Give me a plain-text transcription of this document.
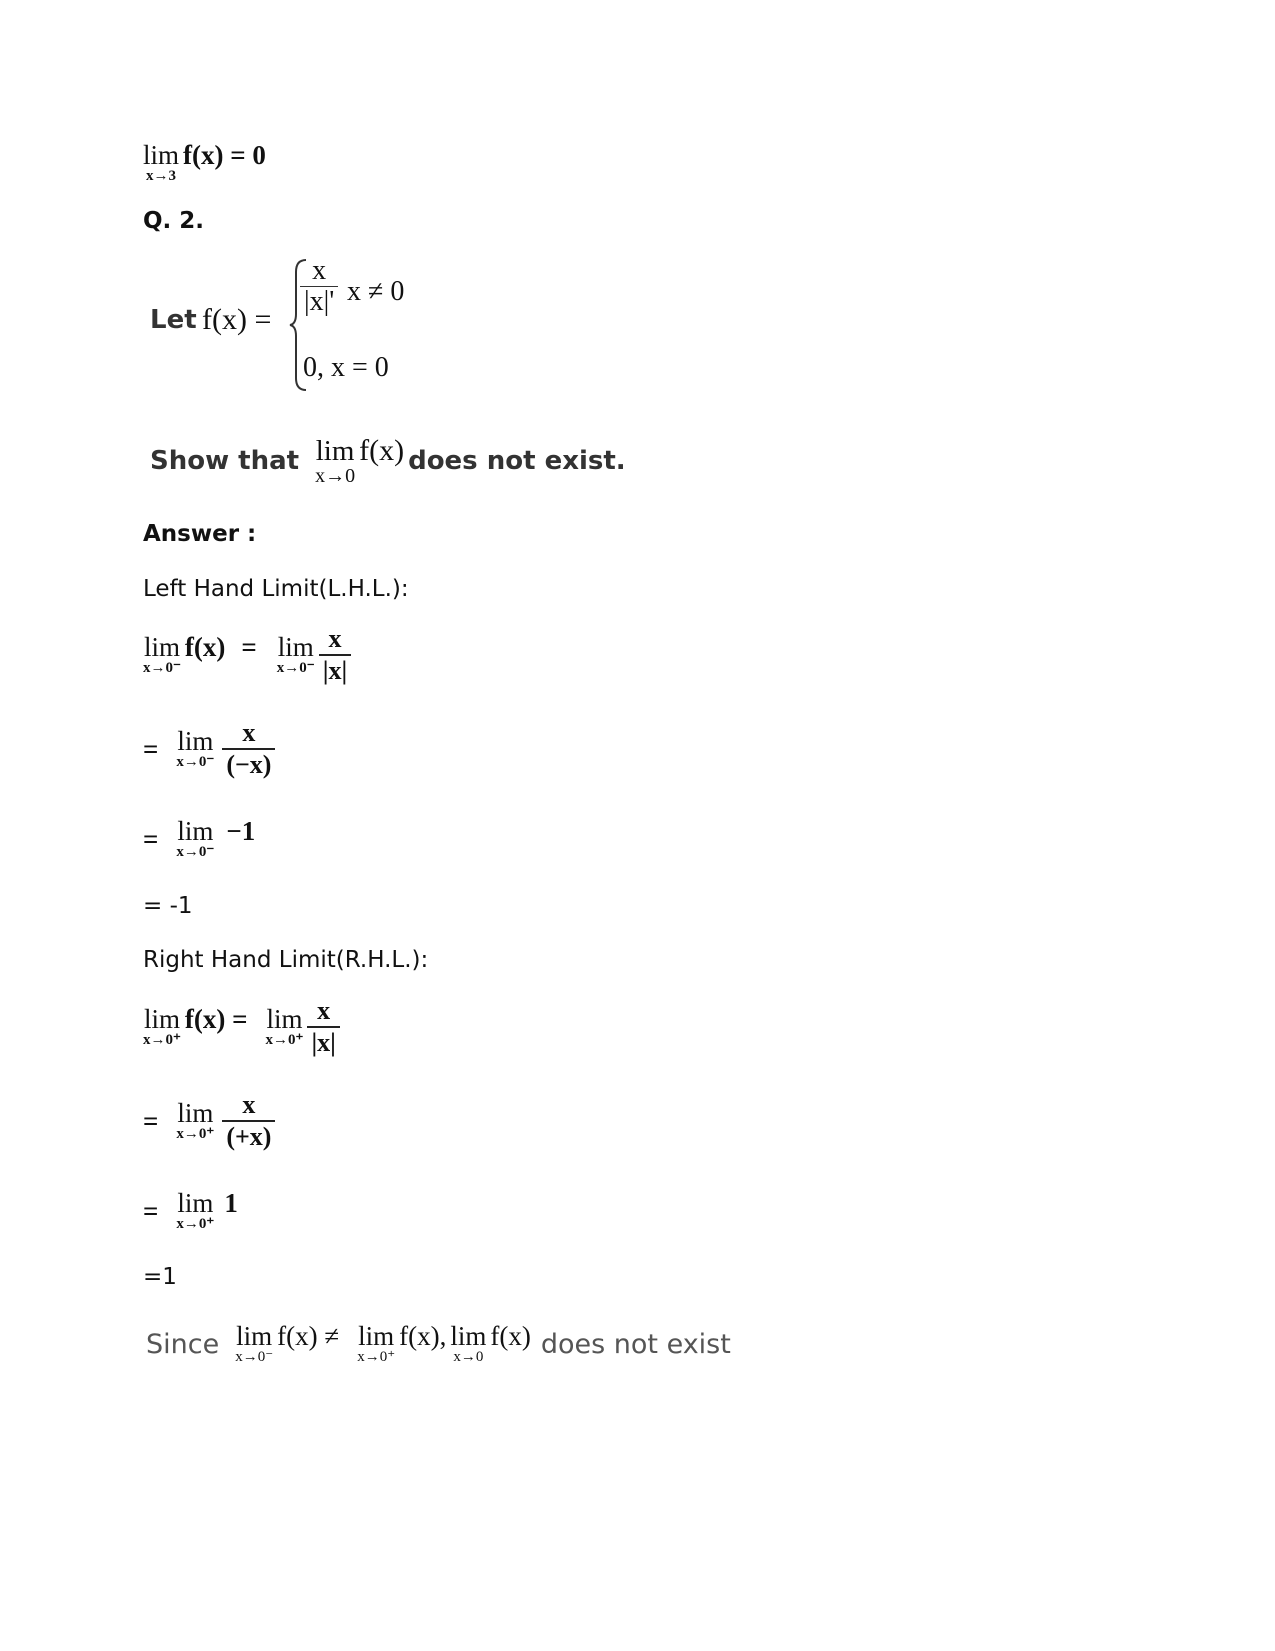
lim
x→3
f(x) = 0
Q. 2.
Let f(x) =
$\frac{x}{|x|'}$ x ≠ 0
0, x = 0
Show that lim
x→0
f(x) does not exist.
Answer :
Left Hand Limit(L.H.L.):
lim
x→0⁻
f(x) = lim
$x\to 0^- \frac{x}{|x|}$
= lim
$x\to 0^- \frac{x}{(-x)}$
= lim
x→0⁻
−1
= -1
Right Hand Limit(R.H.L.):
lim
x→0⁺
f(x) = lim
$x\to 0^+ \frac{x}{|x|}$
= lim
$x\to 0^+ \frac{x}{(+x)}$
= lim
x→0⁺
1
=1
Since lim
x→0⁻
f(x) ≠ lim
x→0⁺
f(x), lim
x→0
f(x) does not exist
